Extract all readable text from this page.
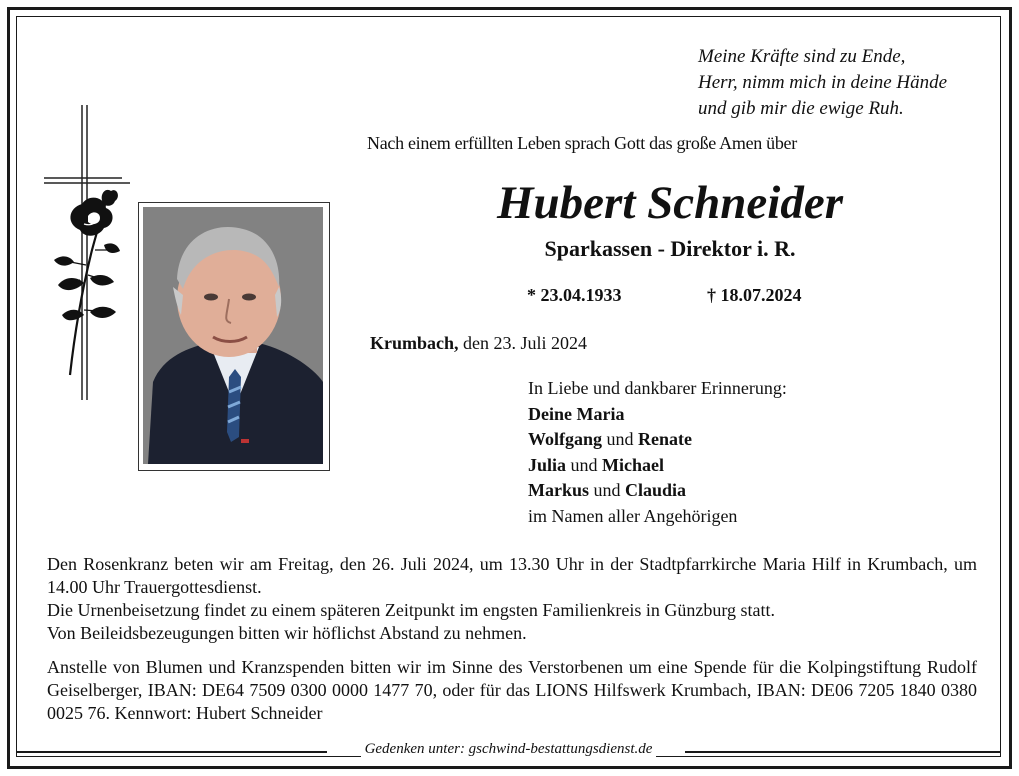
Meine Kräfte sind zu Ende,
Herr, nimm mich in deine Hände
und gib mir die ewige Ruh.
Nach einem erfüllten Leben sprach Gott das große Amen über
Hubert Schneider
Sparkassen - Direktor i. R.
* 23.04.1933	† 18.07.2024
Krumbach, den 23. Juli 2024
In Liebe und dankbarer Erinnerung:
Deine Maria
Wolfgang und Renate
Julia und Michael
Markus und Claudia
im Namen aller Angehörigen
Den Rosenkranz beten wir am Freitag, den 26. Juli 2024, um 13.30 Uhr in der Stadtpfarrkirche Maria Hilf in Krumbach, um 14.00 Uhr Trauergottesdienst.
Die Urnenbeisetzung findet zu einem späteren Zeitpunkt im engsten Familienkreis in Günzburg statt.
Von Beileidsbezeugungen bitten wir höflichst Abstand zu nehmen.
Anstelle von Blumen und Kranzspenden bitten wir im Sinne des Verstorbenen um eine Spende für die Kolpingstiftung Rudolf Geiselberger, IBAN: DE64 7509 0300 0000 1477 70, oder für das LIONS Hilfswerk Krumbach, IBAN: DE06 7205 1840 0380 0025 76. Kennwort: Hubert Schneider
Gedenken unter: gschwind-bestattungsdienst.de
